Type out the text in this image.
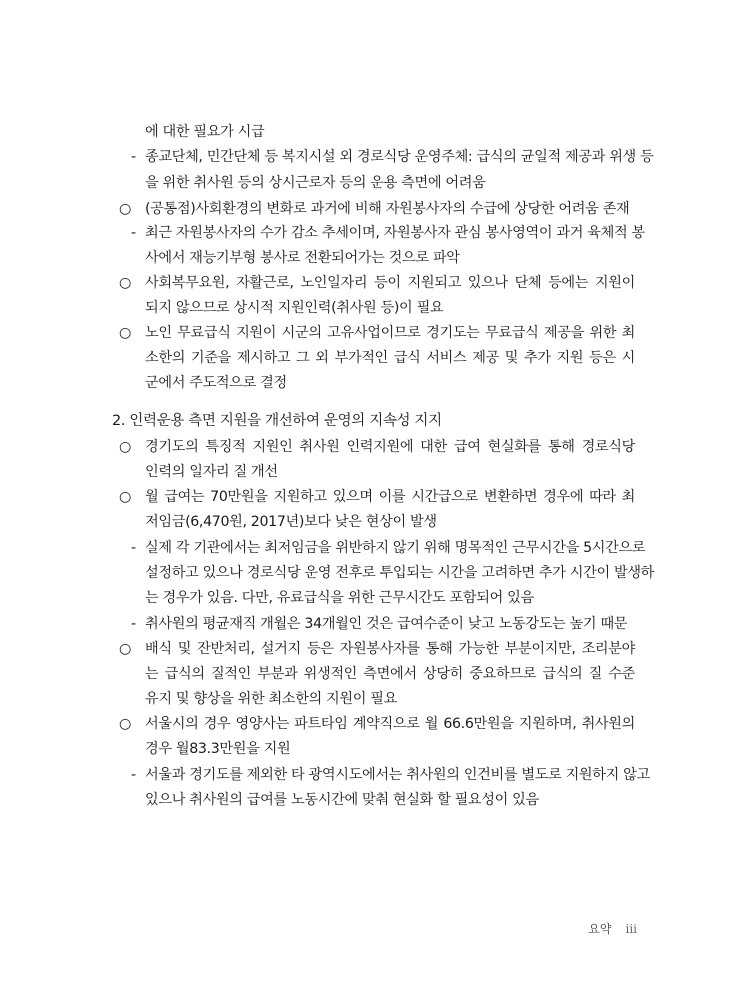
에 대한 필요가 시급
- 종교단체, 민간단체 등 복지시설 외 경로식당 운영주체: 급식의 균일적 제공과 위생 등
을 위한 취사원 등의 상시근로자 등의 운용 측면에 어려움
○ (공통점)사회환경의 변화로 과거에 비해 자원봉사자의 수급에 상당한 어려움 존재
- 최근 자원봉사자의 수가 감소 추세이며, 자원봉사자 관심 봉사영역이 과거 육체적 봉
사에서 재능기부형 봉사로 전환되어가는 것으로 파악
○ 사회복무요원, 자활근로, 노인일자리 등이 지원되고 있으나 단체 등에는 지원이
되지 않으므로 상시적 지원인력(취사원 등)이 필요
○ 노인 무료급식 지원이 시군의 고유사업이므로 경기도는 무료급식 제공을 위한 최
소한의 기준을 제시하고 그 외 부가적인 급식 서비스 제공 및 추가 지원 등은 시
군에서 주도적으로 결정
2. 인력운용 측면 지원을 개선하여 운영의 지속성 지지
○ 경기도의 특징적 지원인 취사원 인력지원에 대한 급여 현실화를 통해 경로식당
인력의 일자리 질 개선
○ 월 급여는 70만원을 지원하고 있으며 이를 시간급으로 변환하면 경우에 따라 최
저임금(6,470원, 2017년)보다 낮은 현상이 발생
- 실제 각 기관에서는 최저임금을 위반하지 않기 위해 명목적인 근무시간을 5시간으로
설정하고 있으나 경로식당 운영 전후로 투입되는 시간을 고려하면 추가 시간이 발생하
는 경우가 있음. 다만, 유료급식을 위한 근무시간도 포함되어 있음
- 취사원의 평균재직 개월은 34개월인 것은 급여수준이 낮고 노동강도는 높기 때문
○ 배식 및 잔반처리, 설거지 등은 자원봉사자를 통해 가능한 부분이지만, 조리분야
는 급식의 질적인 부분과 위생적인 측면에서 상당히 중요하므로 급식의 질 수준
유지 및 향상을 위한 최소한의 지원이 필요
○ 서울시의 경우 영양사는 파트타임 계약직으로 월 66.6만원을 지원하며, 취사원의
경우 월83.3만원을 지원
- 서울과 경기도를 제외한 타 광역시도에서는 취사원의 인건비를 별도로 지원하지 않고
있으나 취사원의 급여를 노동시간에 맞춰 현실화 할 필요성이 있음
요약 iii
